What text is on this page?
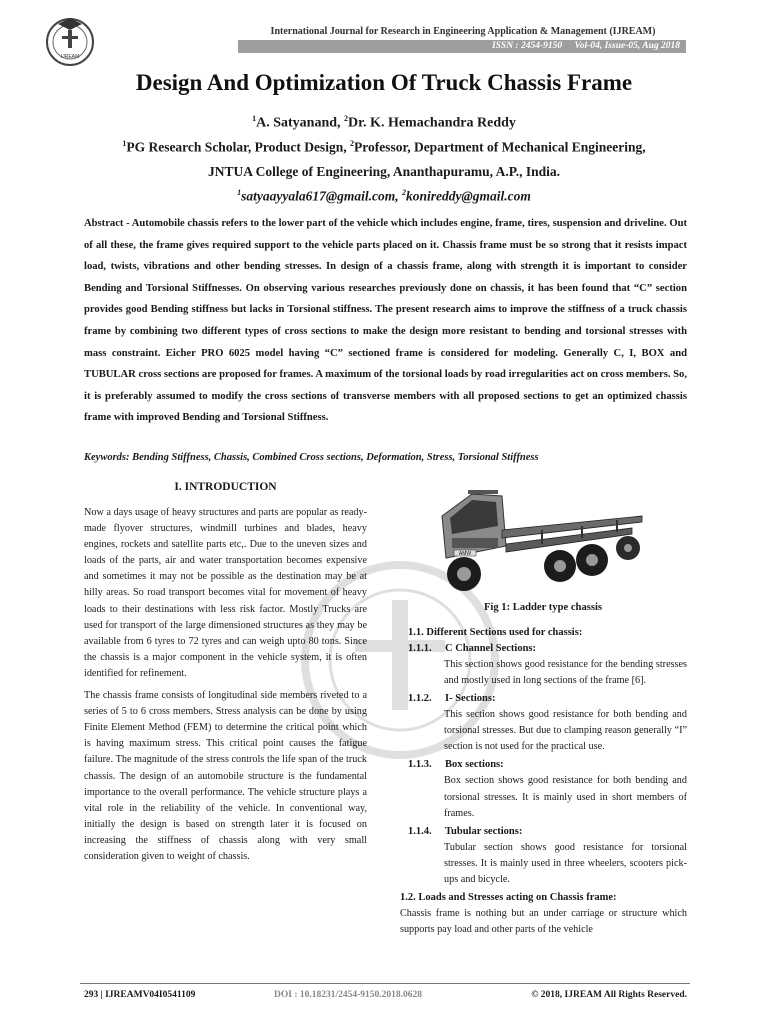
IJREAM
International Journal for Research in Engineering Application & Management (IJREAM)
ISSN : 2454-9150 Vol-04, Issue-05, Aug 2018
Design And Optimization Of Truck Chassis Frame
$^1$A. Satyanand, $^2$Dr. K. Hemachandra Reddy
$^1$PG Research Scholar, Product Design, $^2$Professor, Department of Mechanical Engineering,
JNTUA College of Engineering, Ananthapuramu, A.P., India.
$^1$satyaayyala617@gmail.com, $^2$konireddy@gmail.com
Abstract - Automobile chassis refers to the lower part of the vehicle which includes engine, frame, tires, suspension and driveline. Out of all these, the frame gives required support to the vehicle parts placed on it. Chassis frame must be so strong that it resists impact load, twists, vibrations and other bending stresses. In design of a chassis frame, along with strength it is important to consider Bending and Torsional Stiffnesses. On observing various researches previously done on chassis, it has been found that “C” section provides good Bending stiffness but lacks in Torsional stiffness. The present research aims to improve the stiffness of a truck chassis frame by combining two different types of cross sections to make the design more resistant to bending and torsional stresses with mass constraint. Eicher PRO 6025 model having “C” sectioned frame is considered for modeling. Generally C, I, BOX and TUBULAR cross sections are proposed for frames. A maximum of the torsional loads by road irregularities act on cross members. So, it is preferably assumed to modify the cross sections of transverse members with all proposed sections to get an optimized chassis frame with improved Bending and Torsional Stiffness.
Keywords: Bending Stiffness, Chassis, Combined Cross sections, Deformation, Stress, Torsional Stiffness
I. INTRODUCTION

Now a days usage of heavy structures and parts are popular as ready-made flyover structures, windmill turbines and blades, heavy engines, rockets and satellite parts etc,. Due to the uneven sizes and loads of the parts, air and water transportation becomes expensive and sometimes it may not be possible as the destination may be at hilly areas. So road transport becomes vital for movement of heavy loads to their destinations with less risk factor. Mostly Trucks are used for transport of the large dimensioned structures as they may be available from 6 tyres to 72 tyres and can weigh upto 80 tons. Since the chassis is a major component in the vehicle system, it is often identified for refinement.

The chassis frame consists of longitudinal side members riveted to a series of 5 to 6 cross members. Stress analysis can be done by using Finite Element Method (FEM) to determine the critical point which is having maximum stress. This critical point causes the fatigue failure. The magnitude of the stress controls the life span of the truck chassis. The design of an automobile structure is the fundamental importance to the overall performance. The vehicle structure plays a vital role in the reliability of the vehicle. In conventional way, initially the design is based on strength later it is focused on increasing the stiffness of chassis along with very small consideration given to weight of chassis.

AMW
Fig 1: Ladder type chassis
1.1. Different Sections used for chassis:
1.1.1. C Channel Sections:
This section shows good resistance for the bending stresses and mostly used in long sections of the frame [6].
1.1.2. I- Sections:
This section shows good resistance for both bending and torsional stresses. But due to clamping reason generally “I” section is not used for the practical use.
1.1.3. Box sections:
Box section shows good resistance for both bending and torsional stresses. It is mainly used in short members of frames.
1.1.4. Tubular sections:
Tubular section shows good resistance for torsional stresses. It is mainly used in three wheelers, scooters pick-ups and bicycle.
1.2. Loads and Stresses acting on Chassis frame:
Chassis frame is nothing but an under carriage or structure which supports pay load and other parts of the vehicle
293 | IJREAMV04I0541109	DOI : 10.18231/2454-9150.2018.0628	© 2018, IJREAM All Rights Reserved.
